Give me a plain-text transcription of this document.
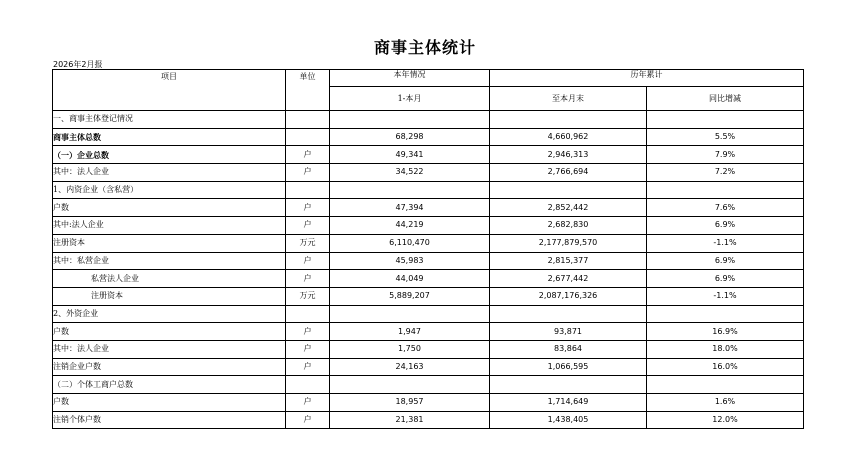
商事主体统计
2026年2月报
项目	单位	本年情况	历年累计	
		1-本月	至本月末	同比增减
一、商事主体登记情况				
商事主体总数		68,298	4,660,962	5.5%
（一）企业总数	户	49,341	2,946,313	7.9%
其中：法人企业	户	34,522	2,766,694	7.2%
1、内资企业（含私营）				
户数	户	47,394	2,852,442	7.6%
其中:法人企业	户	44,219	2,682,830	6.9%
注册资本	万元	6,110,470	2,177,879,570	-1.1%
其中：私营企业	户	45,983	2,815,377	6.9%
私营法人企业	户	44,049	2,677,442	6.9%
注册资本	万元	5,889,207	2,087,176,326	-1.1%
2、外资企业				
户数	户	1,947	93,871	16.9%
其中：法人企业	户	1,750	83,864	18.0%
注销企业户数	户	24,163	1,066,595	16.0%
（二）个体工商户总数				
户数	户	18,957	1,714,649	1.6%
注销个体户数	户	21,381	1,438,405	12.0%
